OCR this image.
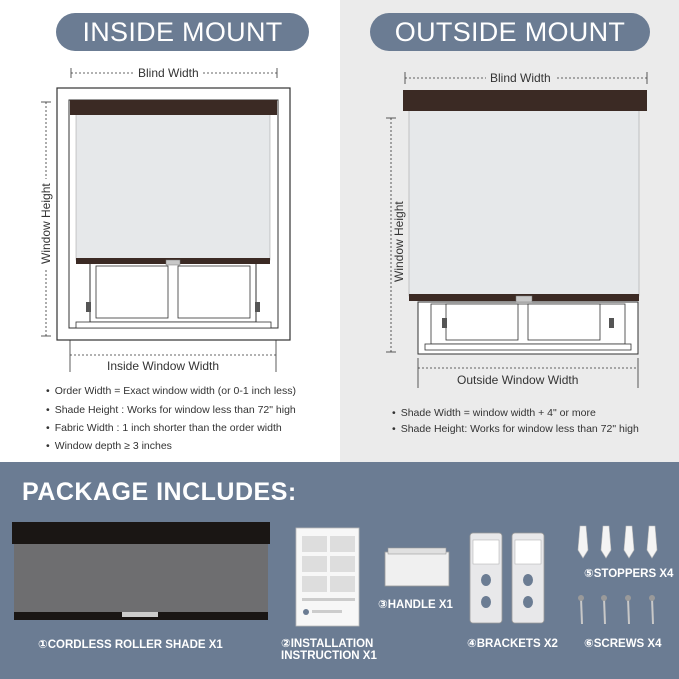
INSIDE MOUNT	OUTSIDE MOUNT
Blind Width
Window Height
Inside Window Width
Blind Width
Window Height
Outside Window Width
• Order Width = Exact window width (or 0-1 inch less)
• Shade Height : Works for window less than 72" high
• Fabric Width : 1 inch shorter than the order width
• Window depth ≥ 3 inches
• Shade Width = window width + 4" or more
• Shade Height: Works for window less than 72" high
PACKAGE INCLUDES:
①CORDLESS ROLLER SHADE X1	②INSTALLATION
INSTRUCTION X1
③HANDLE X1
④BRACKETS X2
⑤STOPPERS X4
⑥SCREWS X4
